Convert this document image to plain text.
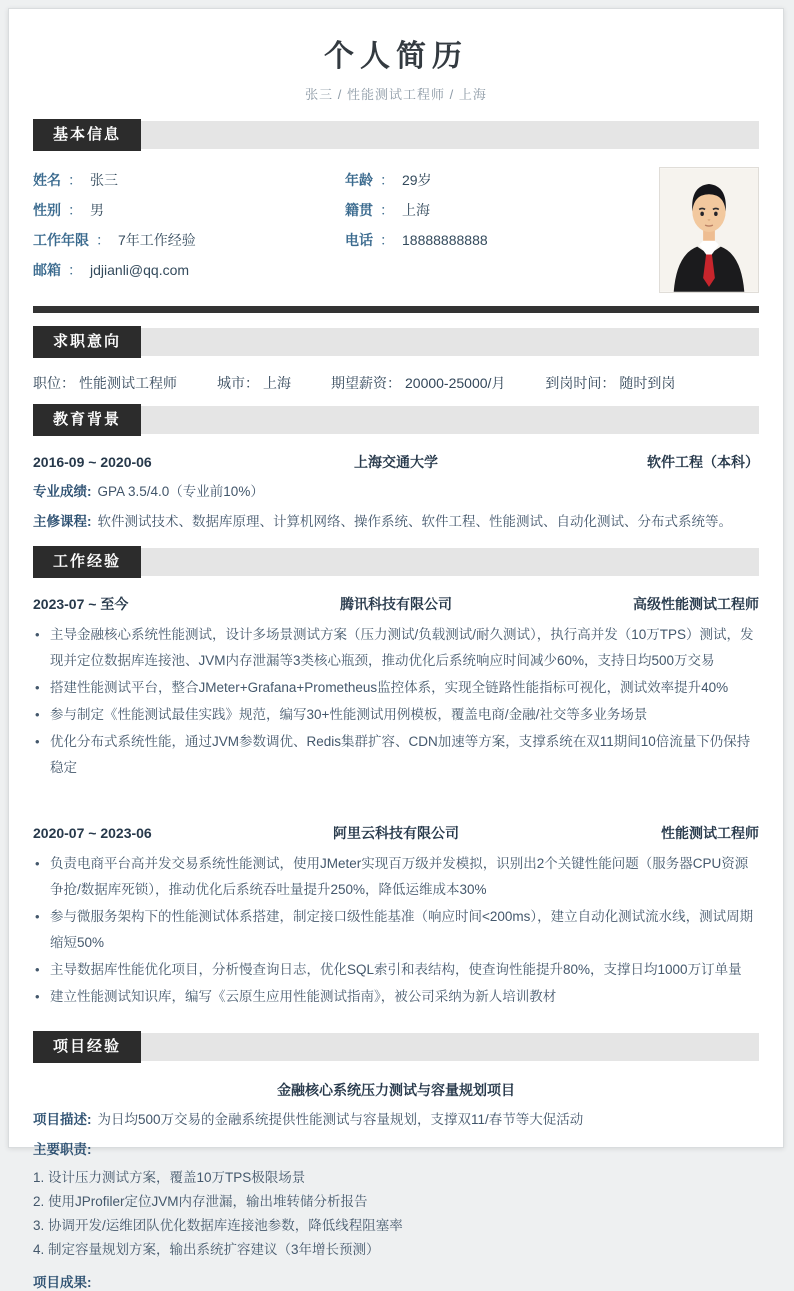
个人简历
张三 / 性能测试工程师 / 上海
基本信息
姓名 ： 张三
性别 ： 男
工作年限 ： 7年工作经验
邮箱 ： jdjianli@qq.com
年龄 ： 29岁
籍贯 ： 上海
电话 ： 18888888888
求职意向
职位： 性能测试工程师	城市： 上海	期望薪资： 20000-25000/月	到岗时间： 随时到岗
教育背景
2016-09 ~ 2020-06	上海交通大学	软件工程（本科）
专业成绩: GPA 3.5/4.0（专业前10%）
主修课程: 软件测试技术、数据库原理、计算机网络、操作系统、软件工程、性能测试、自动化测试、分布式系统等。
工作经验
2023-07 ~ 至今	腾讯科技有限公司	高级性能测试工程师
• 主导金融核心系统性能测试，设计多场景测试方案（压力测试/负载测试/耐久测试），执行高并发（10万TPS）测试，发现并定位数据库连接池、JVM内存泄漏等3类核心瓶颈，推动优化后系统响应时间减少60%，支持日均500万交易
• 搭建性能测试平台，整合JMeter+Grafana+Prometheus监控体系，实现全链路性能指标可视化，测试效率提升40%
• 参与制定《性能测试最佳实践》规范，编写30+性能测试用例模板，覆盖电商/金融/社交等多业务场景
• 优化分布式系统性能，通过JVM参数调优、Redis集群扩容、CDN加速等方案，支撑系统在双11期间10倍流量下仍保持稳定
2020-07 ~ 2023-06	阿里云科技有限公司	性能测试工程师
• 负责电商平台高并发交易系统性能测试，使用JMeter实现百万级并发模拟，识别出2个关键性能问题（服务器CPU资源争抢/数据库死锁），推动优化后系统吞吐量提升250%，降低运维成本30%
• 参与微服务架构下的性能测试体系搭建，制定接口级性能基准（响应时间<200ms），建立自动化测试流水线，测试周期缩短50%
• 主导数据库性能优化项目，分析慢查询日志，优化SQL索引和表结构，使查询性能提升80%，支撑日均1000万订单量
• 建立性能测试知识库，编写《云原生应用性能测试指南》，被公司采纳为新人培训教材
项目经验
金融核心系统压力测试与容量规划项目
项目描述: 为日均500万交易的金融系统提供性能测试与容量规划，支撑双11/春节等大促活动
主要职责:
1. 设计压力测试方案，覆盖10万TPS极限场景
2. 使用JProfiler定位JVM内存泄漏，输出堆转储分析报告
3. 协调开发/运维团队优化数据库连接池参数，降低线程阻塞率
4. 制定容量规划方案，输出系统扩容建议（3年增长预测）
项目成果:
